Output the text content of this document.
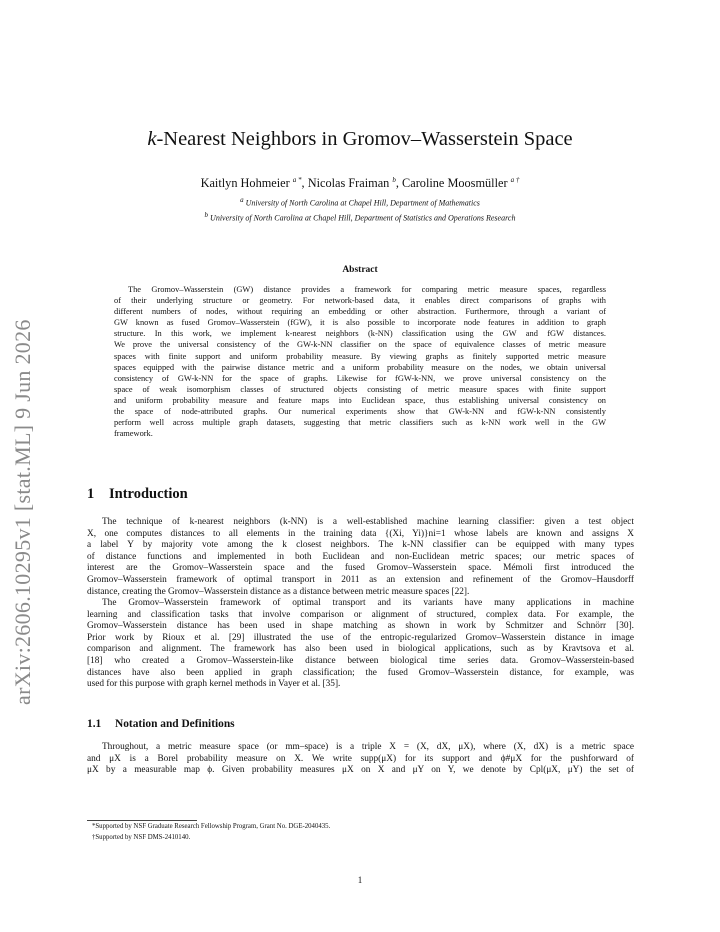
arXiv:2606.10295v1 [stat.ML] 9 Jun 2026
k-Nearest Neighbors in Gromov–Wasserstein Space
Kaitlyn Hohmeier $^{a *}$, Nicolas Fraiman $^b$, Caroline Moosmüller $^{a \dagger}$
$^a$ University of North Carolina at Chapel Hill, Department of Mathematics
$^b$ University of North Carolina at Chapel Hill, Department of Statistics and Operations Research
Abstract
The Gromov–Wasserstein (GW) distance provides a framework for comparing metric measure spaces, regardless
of their underlying structure or geometry. For network-based data, it enables direct comparisons of graphs with
different numbers of nodes, without requiring an embedding or other abstraction. Furthermore, through a variant of
GW known as fused Gromov–Wasserstein (fGW), it is also possible to incorporate node features in addition to graph
structure. In this work, we implement k-nearest neighbors (k-NN) classification using the GW and fGW distances.
We prove the universal consistency of the GW-k-NN classifier on the space of equivalence classes of metric measure
spaces with finite support and uniform probability measure. By viewing graphs as finitely supported metric measure
spaces equipped with the pairwise distance metric and a uniform probability measure on the nodes, we obtain universal
consistency of GW-k-NN for the space of graphs. Likewise for fGW-k-NN, we prove universal consistency on the
space of weak isomorphism classes of structured objects consisting of metric measure spaces with finite support
and uniform probability measure and feature maps into Euclidean space, thus establishing universal consistency on
the space of node-attributed graphs. Our numerical experiments show that GW-k-NN and fGW-k-NN consistently
perform well across multiple graph datasets, suggesting that metric classifiers such as k-NN work well in the GW
framework.
1 Introduction
The technique of k-nearest neighbors (k-NN) is a well-established machine learning classifier: given a test object
X, one computes distances to all elements in the training data {(Xi, Yi)}ni=1 whose labels are known and assigns X
a label Y by majority vote among the k closest neighbors. The k-NN classifier can be equipped with many types
of distance functions and implemented in both Euclidean and non-Euclidean metric spaces; our metric spaces of
interest are the Gromov–Wasserstein space and the fused Gromov–Wasserstein space. Mémoli first introduced the
Gromov–Wasserstein framework of optimal transport in 2011 as an extension and refinement of the Gromov–Hausdorff
distance, creating the Gromov–Wasserstein distance as a distance between metric measure spaces [22].
The Gromov–Wasserstein framework of optimal transport and its variants have many applications in machine
learning and classification tasks that involve comparison or alignment of structured, complex data. For example, the
Gromov–Wasserstein distance has been used in shape matching as shown in work by Schmitzer and Schnörr [30].
Prior work by Rioux et al. [29] illustrated the use of the entropic-regularized Gromov–Wasserstein distance in image
comparison and alignment. The framework has also been used in biological applications, such as by Kravtsova et al.
[18] who created a Gromov–Wasserstein-like distance between biological time series data. Gromov–Wasserstein-based
distances have also been applied in graph classification; the fused Gromov–Wasserstein distance, for example, was
used for this purpose with graph kernel methods in Vayer et al. [35].
1.1 Notation and Definitions
Throughout, a metric measure space (or mm–space) is a triple X = (X, dX, μX), where (X, dX) is a metric space
and μX is a Borel probability measure on X. We write supp(μX) for its support and ϕ#μX for the pushforward of
μX by a measurable map ϕ. Given probability measures μX on X and μY on Y, we denote by Cpl(μX, μY) the set of
*Supported by NSF Graduate Research Fellowship Program, Grant No. DGE-2040435.
†Supported by NSF DMS-2410140.
1
